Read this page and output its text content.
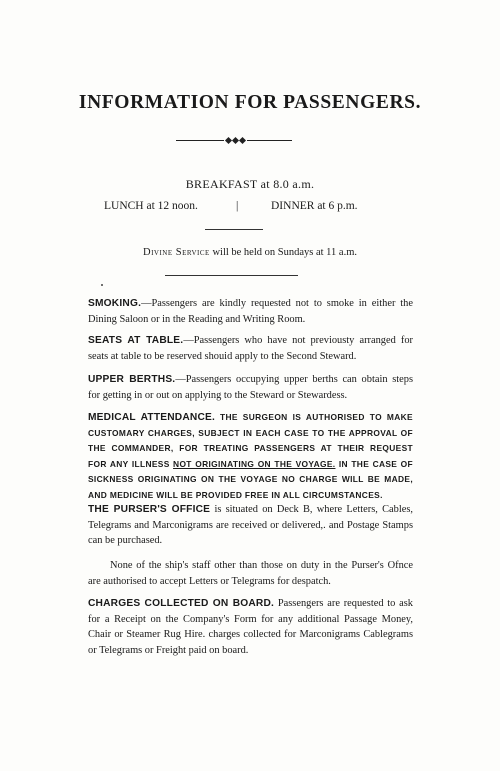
INFORMATION FOR PASSENGERS.

BREAKFAST at 8.0 a.m.

LUNCH at 12 noon.	|	DINNER at 6 p.m.

Divine Service will be held on Sundays at 11 a.m.

SMOKING.—Passengers are kindly requested not to smoke in either the Dining Saloon or in the Reading and Writing Room.

SEATS AT TABLE.—Passengers who have not previousty arranged for seats at table to be reserved shouid apply to the Second Steward.

UPPER BERTHS.—Passengers occupying upper berths can obtain steps for getting in or out on applying to the Steward or Stewardess.

MEDICAL ATTENDANCE. THE SURGEON IS AUTHORISED TO MAKE CUSTOMARY CHARGES, SUBJECT IN EACH CASE TO THE APPROVAL OF THE COMMANDER, FOR TREATING PASSENGERS AT THEIR REQUEST FOR ANY ILLNESS NOT ORIGINATING ON THE VOYAGE. IN THE CASE OF SICKNESS ORIGINATING ON THE VOYAGE NO CHARGE WILL BE MADE, AND MEDICINE WILL BE PROVIDED FREE IN ALL CIRCUMSTANCES.

THE PURSER'S OFFICE is situated on Deck B, where Letters, Cables, Telegrams and Marconigrams are received or delivered,. and Postage Stamps can be purchased.

None of the ship's staff other than those on duty in the Purser's Ofnce are authorised to accept Letters or Telegrams for despatch.

CHARGES COLLECTED ON BOARD. Passengers are requested to ask for a Receipt on the Company's Form for any additional Passage Money, Chair or Steamer Rug Hire. charges collected for Marconigrams Cablegrams or Telegrams or Freight paid on board.
